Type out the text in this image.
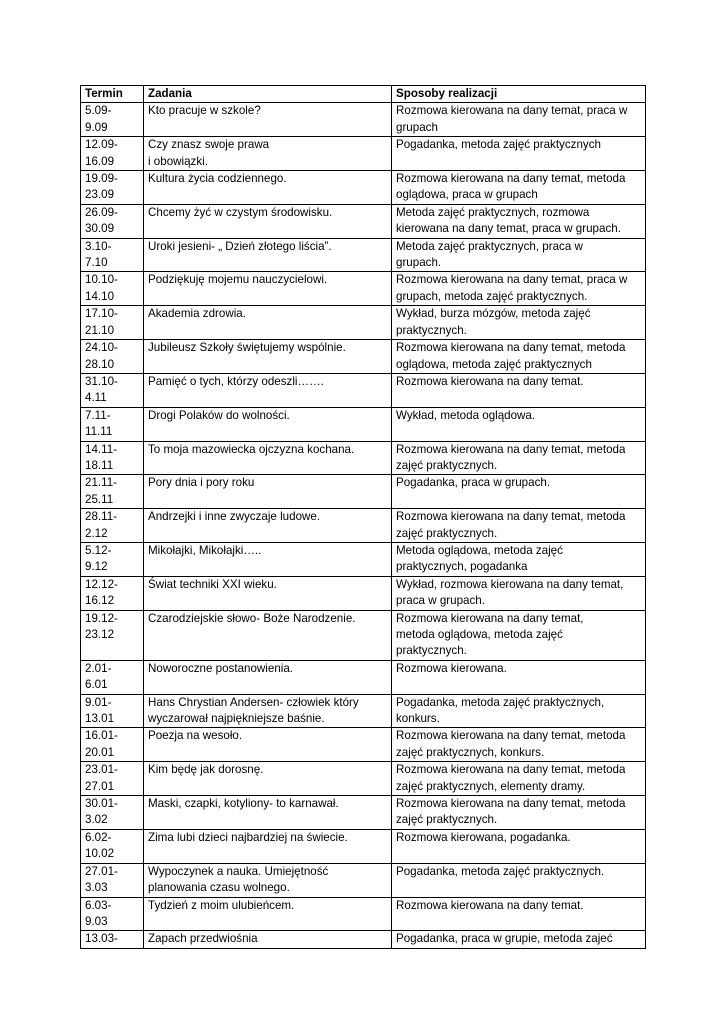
Termin	Zadania	Sposoby realizacji
5.09-
9.09	Kto pracuje w szkole?	Rozmowa kierowana na dany temat, praca w
grupach
12.09-
16.09	Czy znasz swoje prawa
i obowiązki.	Pogadanka, metoda zajęć praktycznych
19.09-
23.09	Kultura życia codziennego.	Rozmowa kierowana na dany temat, metoda
oglądowa, praca w grupach
26.09-
30.09	Chcemy żyć w czystym środowisku.	Metoda zajęć praktycznych, rozmowa
kierowana na dany temat, praca w grupach.
3.10-
7.10	Uroki jesieni- „ Dzień złotego liścia”.	Metoda zajęć praktycznych, praca w
grupach.
10.10-
14.10	Podziękuję mojemu nauczycielowi.	Rozmowa kierowana na dany temat, praca w
grupach, metoda zajęć praktycznych.
17.10-
21.10	Akademia zdrowia.	Wykład, burza mózgów, metoda zajęć
praktycznych.
24.10-
28.10	Jubileusz Szkoły świętujemy wspólnie.	Rozmowa kierowana na dany temat, metoda
oglądowa, metoda zajęć praktycznych
31.10-
4.11	Pamięć o tych, którzy odeszli…….	Rozmowa kierowana na dany temat.
7.11-
11.11	Drogi Polaków do wolności.	Wykład, metoda oglądowa.
14.11-
18.11	To moja mazowiecka ojczyzna kochana.	Rozmowa kierowana na dany temat, metoda
zajęć praktycznych.
21.11-
25.11	Pory dnia i pory roku	Pogadanka, praca w grupach.
28.11-
2.12	Andrzejki i inne zwyczaje ludowe.	Rozmowa kierowana na dany temat, metoda
zajęć praktycznych.
5.12-
9.12	Mikołajki, Mikołajki…..	Metoda oglądowa, metoda zajęć
praktycznych, pogadanka
12.12-
16.12	Świat techniki XXI wieku.	Wykład, rozmowa kierowana na dany temat,
praca w grupach.
19.12-
23.12	Czarodziejskie słowo- Boże Narodzenie.	Rozmowa kierowana na dany temat,
metoda oglądowa, metoda zajęć
praktycznych.
2.01-
6.01	Noworoczne postanowienia.	Rozmowa kierowana.
9.01-
13.01	Hans Chrystian Andersen- człowiek który
wyczarował najpiękniejsze baśnie.	Pogadanka, metoda zajęć praktycznych,
konkurs.
16.01-
20.01	Poezja na wesoło.	Rozmowa kierowana na dany temat, metoda
zajęć praktycznych, konkurs.
23.01-
27.01	Kim będę jak dorosnę.	Rozmowa kierowana na dany temat, metoda
zajęć praktycznych, elementy dramy.
30.01-
3.02	Maski, czapki, kotyliony- to karnawał.	Rozmowa kierowana na dany temat, metoda
zajęć praktycznych.
6.02-
10.02	Zima lubi dzieci najbardziej na świecie.	Rozmowa kierowana, pogadanka.
27.01-
3.03	Wypoczynek a nauka. Umiejętność
planowania czasu wolnego.	Pogadanka, metoda zajęć praktycznych.
6.03-
9.03	Tydzień z moim ulubieńcem.	Rozmowa kierowana na dany temat.
13.03-	Zapach przedwiośnia	Pogadanka, praca w grupie, metoda zajeć
